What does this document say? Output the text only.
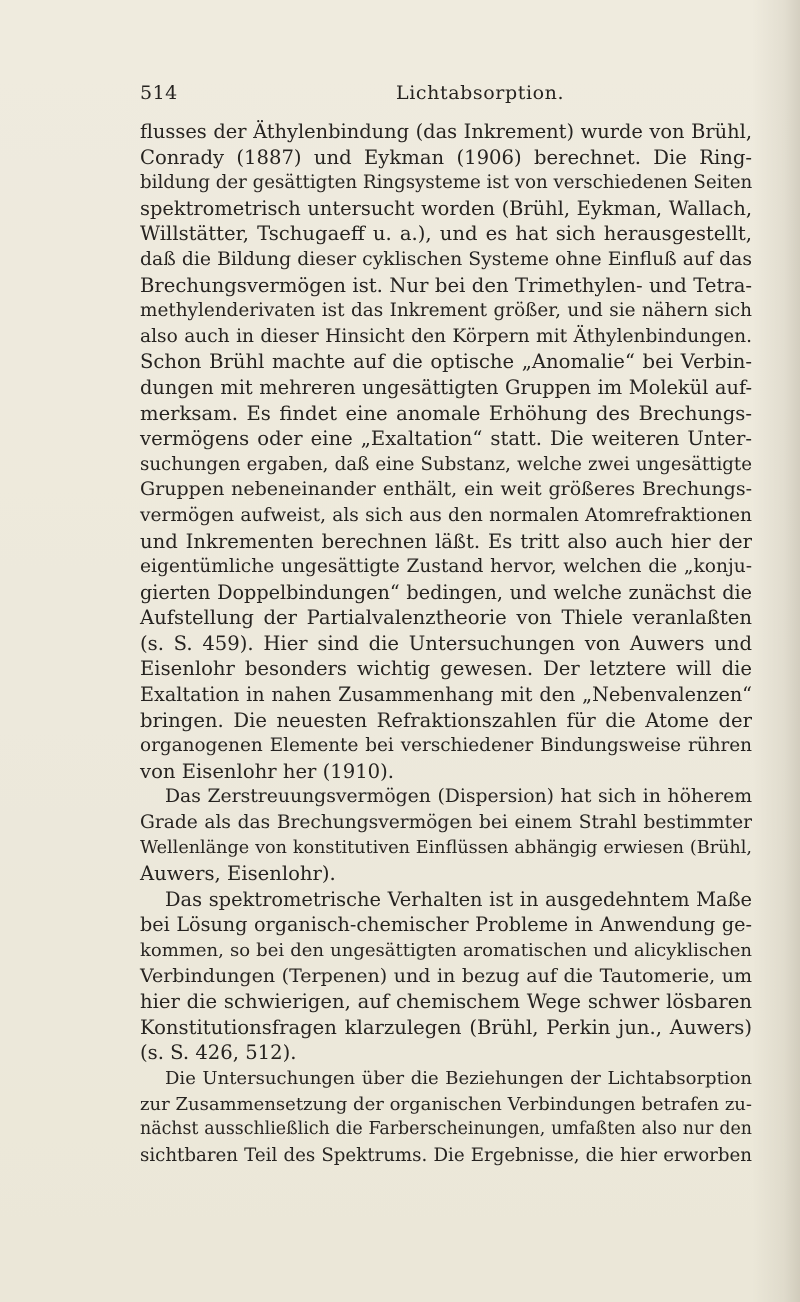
514	Lichtabsorption.
flusses der Äthylenbindung (das Inkrement) wurde von Brühl,
Conrady (1887) und Eykman (1906) berechnet. Die Ring-
bildung der gesättigten Ringsysteme ist von verschiedenen Seiten
spektrometrisch untersucht worden (Brühl, Eykman, Wallach,
Willstätter, Tschugaeff u. a.), und es hat sich herausgestellt,
daß die Bildung dieser cyklischen Systeme ohne Einfluß auf das
Brechungsvermögen ist. Nur bei den Trimethylen- und Tetra-
methylenderivaten ist das Inkrement größer, und sie nähern sich
also auch in dieser Hinsicht den Körpern mit Äthylenbindungen.
Schon Brühl machte auf die optische „Anomalie“ bei Verbin-
dungen mit mehreren ungesättigten Gruppen im Molekül auf-
merksam. Es findet eine anomale Erhöhung des Brechungs-
vermögens oder eine „Exaltation“ statt. Die weiteren Unter-
suchungen ergaben, daß eine Substanz, welche zwei ungesättigte
Gruppen nebeneinander enthält, ein weit größeres Brechungs-
vermögen aufweist, als sich aus den normalen Atomrefraktionen
und Inkrementen berechnen läßt. Es tritt also auch hier der
eigentümliche ungesättigte Zustand hervor, welchen die „konju-
gierten Doppelbindungen“ bedingen, und welche zunächst die
Aufstellung der Partialvalenztheorie von Thiele veranlaßten
(s. S. 459). Hier sind die Untersuchungen von Auwers und
Eisenlohr besonders wichtig gewesen. Der letztere will die
Exaltation in nahen Zusammenhang mit den „Nebenvalenzen“
bringen. Die neuesten Refraktionszahlen für die Atome der
organogenen Elemente bei verschiedener Bindungsweise rühren
von Eisenlohr her (1910).
Das Zerstreuungsvermögen (Dispersion) hat sich in höherem
Grade als das Brechungsvermögen bei einem Strahl bestimmter
Wellenlänge von konstitutiven Einflüssen abhängig erwiesen (Brühl,
Auwers, Eisenlohr).
Das spektrometrische Verhalten ist in ausgedehntem Maße
bei Lösung organisch-chemischer Probleme in Anwendung ge-
kommen, so bei den ungesättigten aromatischen und alicyklischen
Verbindungen (Terpenen) und in bezug auf die Tautomerie, um
hier die schwierigen, auf chemischem Wege schwer lösbaren
Konstitutionsfragen klarzulegen (Brühl, Perkin jun., Auwers)
(s. S. 426, 512).
Die Untersuchungen über die Beziehungen der Lichtabsorption
zur Zusammensetzung der organischen Verbindungen betrafen zu-
nächst ausschließlich die Farberscheinungen, umfaßten also nur den
sichtbaren Teil des Spektrums. Die Ergebnisse, die hier erworben
